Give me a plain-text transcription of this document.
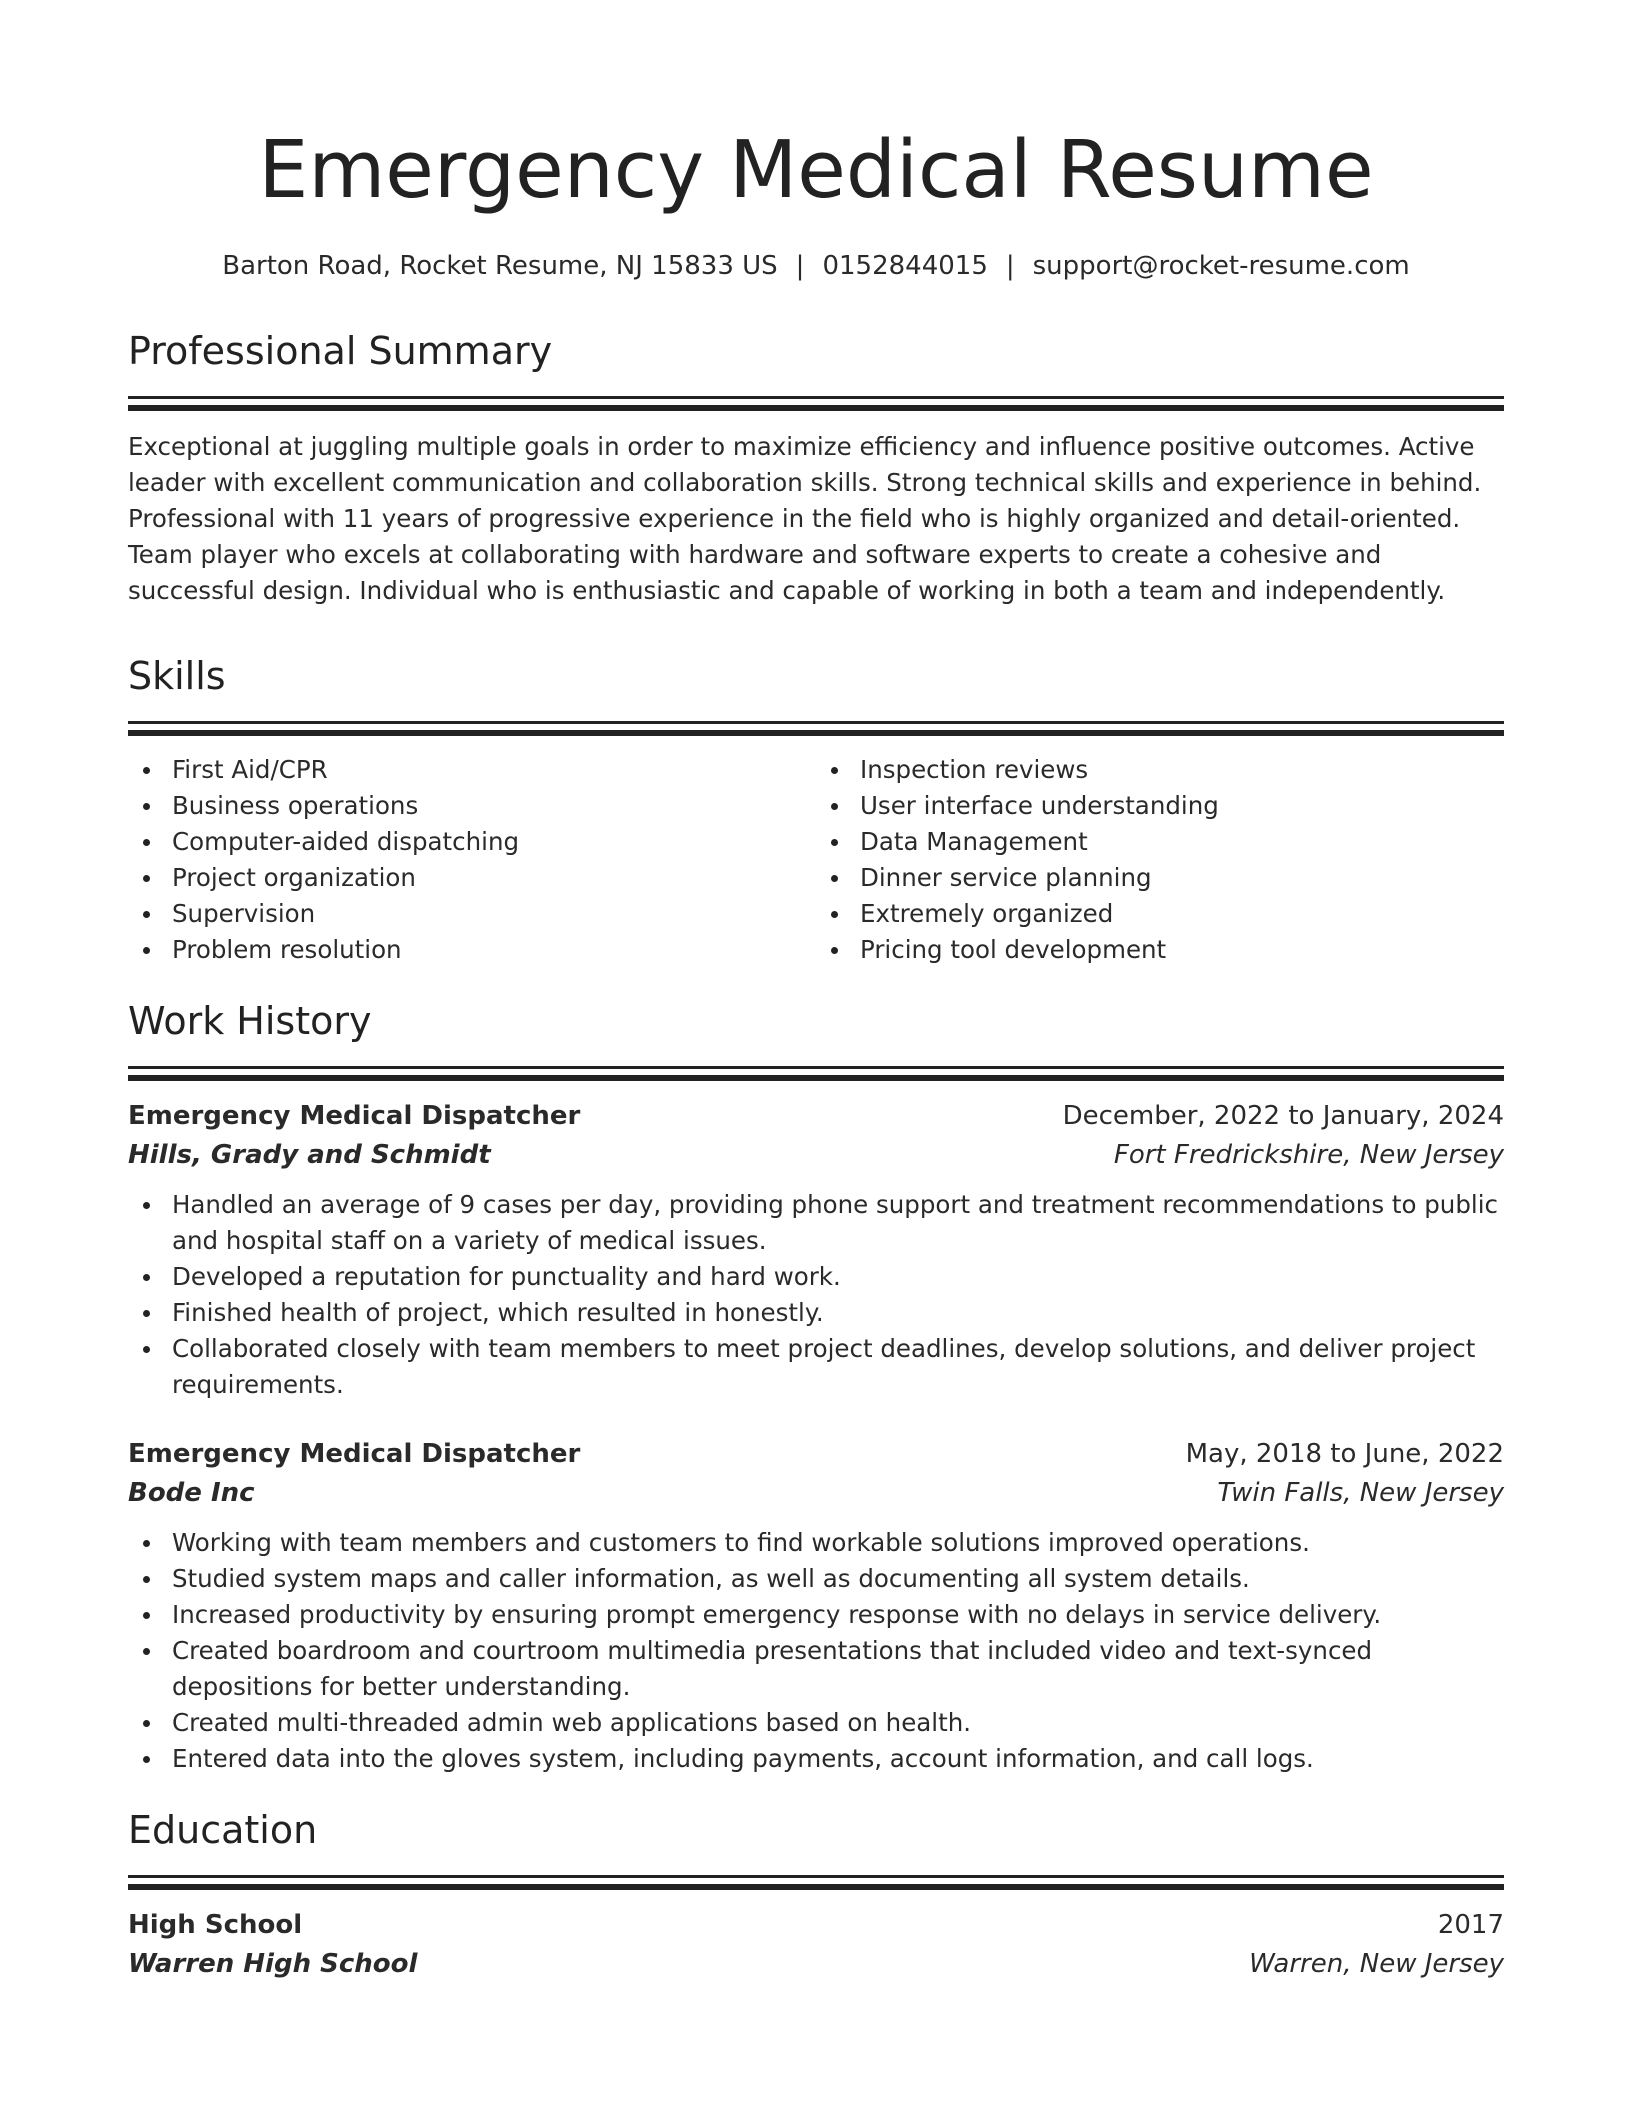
Emergency Medical Resume
Barton Road, Rocket Resume, NJ 15833 US | 0152844015 | support@rocket-resume.com
Professional Summary

Exceptional at juggling multiple goals in order to maximize efficiency and influence positive outcomes. Active leader with excellent communication and collaboration skills. Strong technical skills and experience in behind. Professional with 11 years of progressive experience in the field who is highly organized and detail-oriented. Team player who excels at collaborating with hardware and software experts to create a cohesive and successful design. Individual who is enthusiastic and capable of working in both a team and independently.

Skills
First Aid/CPR
Business operations
Computer-aided dispatching
Project organization
Supervision
Problem resolution
Inspection reviews
User interface understanding
Data Management
Dinner service planning
Extremely organized
Pricing tool development
Work History
Emergency Medical Dispatcher	December, 2022 to January, 2024
Hills, Grady and Schmidt	Fort Fredrickshire, New Jersey
Handled an average of 9 cases per day, providing phone support and treatment recommendations to public and hospital staff on a variety of medical issues.
Developed a reputation for punctuality and hard work.
Finished health of project, which resulted in honestly.
Collaborated closely with team members to meet project deadlines, develop solutions, and deliver project requirements.
Emergency Medical Dispatcher	May, 2018 to June, 2022
Bode Inc	Twin Falls, New Jersey
Working with team members and customers to find workable solutions improved operations.
Studied system maps and caller information, as well as documenting all system details.
Increased productivity by ensuring prompt emergency response with no delays in service delivery.
Created boardroom and courtroom multimedia presentations that included video and text-synced depositions for better understanding.
Created multi-threaded admin web applications based on health.
Entered data into the gloves system, including payments, account information, and call logs.
Education
High School	2017
Warren High School	Warren, New Jersey
